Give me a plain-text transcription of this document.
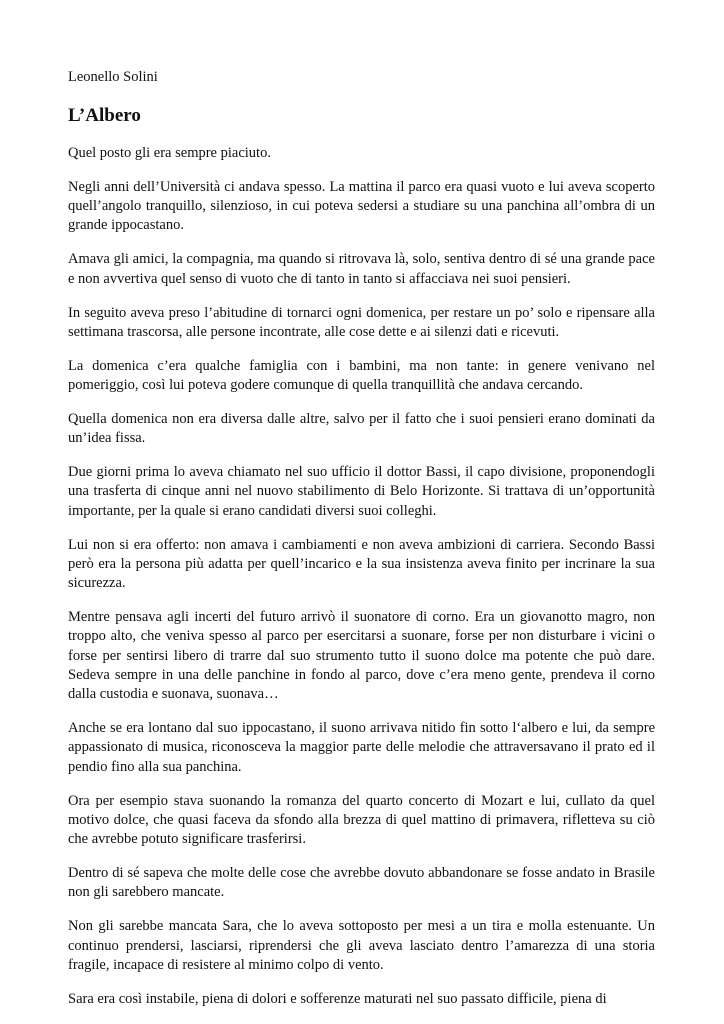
Leonello Solini

L’Albero

Quel posto gli era sempre piaciuto.

Negli anni dell’Università ci andava spesso. La mattina il parco era quasi vuoto e lui aveva scoperto quell’angolo tranquillo, silenzioso, in cui poteva sedersi a studiare su una panchina all’ombra di un grande ippocastano.

Amava gli amici, la compagnia, ma quando si ritrovava là, solo, sentiva dentro di sé una grande pace e non avvertiva quel senso di vuoto che di tanto in tanto si affacciava nei suoi pensieri.

In seguito aveva preso l’abitudine di tornarci ogni domenica, per restare un po’ solo e ripensare alla settimana trascorsa, alle persone incontrate, alle cose dette e ai silenzi dati e ricevuti.

La domenica c’era qualche famiglia con i bambini, ma non tante: in genere venivano nel pomeriggio, così lui poteva godere comunque di quella tranquillità che andava cercando.

Quella domenica non era diversa dalle altre, salvo per il fatto che i suoi pensieri erano dominati da un’idea fissa.

Due giorni prima lo aveva chiamato nel suo ufficio il dottor Bassi, il capo divisione, proponendogli una trasferta di cinque anni nel nuovo stabilimento di Belo Horizonte. Si trattava di un’opportunità importante, per la quale si erano candidati diversi suoi colleghi.

Lui non si era offerto: non amava i cambiamenti e non aveva ambizioni di carriera. Secondo Bassi però era la persona più adatta per quell’incarico e la sua insistenza aveva finito per incrinare la sua sicurezza.

Mentre pensava agli incerti del futuro arrivò il suonatore di corno. Era un giovanotto magro, non troppo alto, che veniva spesso al parco per esercitarsi a suonare, forse per non disturbare i vicini o forse per sentirsi libero di trarre dal suo strumento tutto il suono dolce ma potente che può dare. Sedeva sempre in una delle panchine in fondo al parco, dove c’era meno gente, prendeva il corno dalla custodia e suonava, suonava…

Anche se era lontano dal suo ippocastano, il suono arrivava nitido fin sotto l‘albero e lui, da sempre appassionato di musica, riconosceva la maggior parte delle melodie che attraversavano il prato ed il pendio fino alla sua panchina.

Ora per esempio stava suonando la romanza del quarto concerto di Mozart e lui, cullato da quel motivo dolce, che quasi faceva da sfondo alla brezza di quel mattino di primavera, rifletteva su ciò che avrebbe potuto significare trasferirsi.

Dentro di sé sapeva che molte delle cose che avrebbe dovuto abbandonare se fosse andato in Brasile non gli sarebbero mancate.

Non gli sarebbe mancata Sara, che lo aveva sottoposto per mesi a un tira e molla estenuante. Un continuo prendersi, lasciarsi, riprendersi che gli aveva lasciato dentro l’amarezza di una storia fragile, incapace di resistere al minimo colpo di vento.

Sara era così instabile, piena di dolori e sofferenze maturati nel suo passato difficile, piena di
